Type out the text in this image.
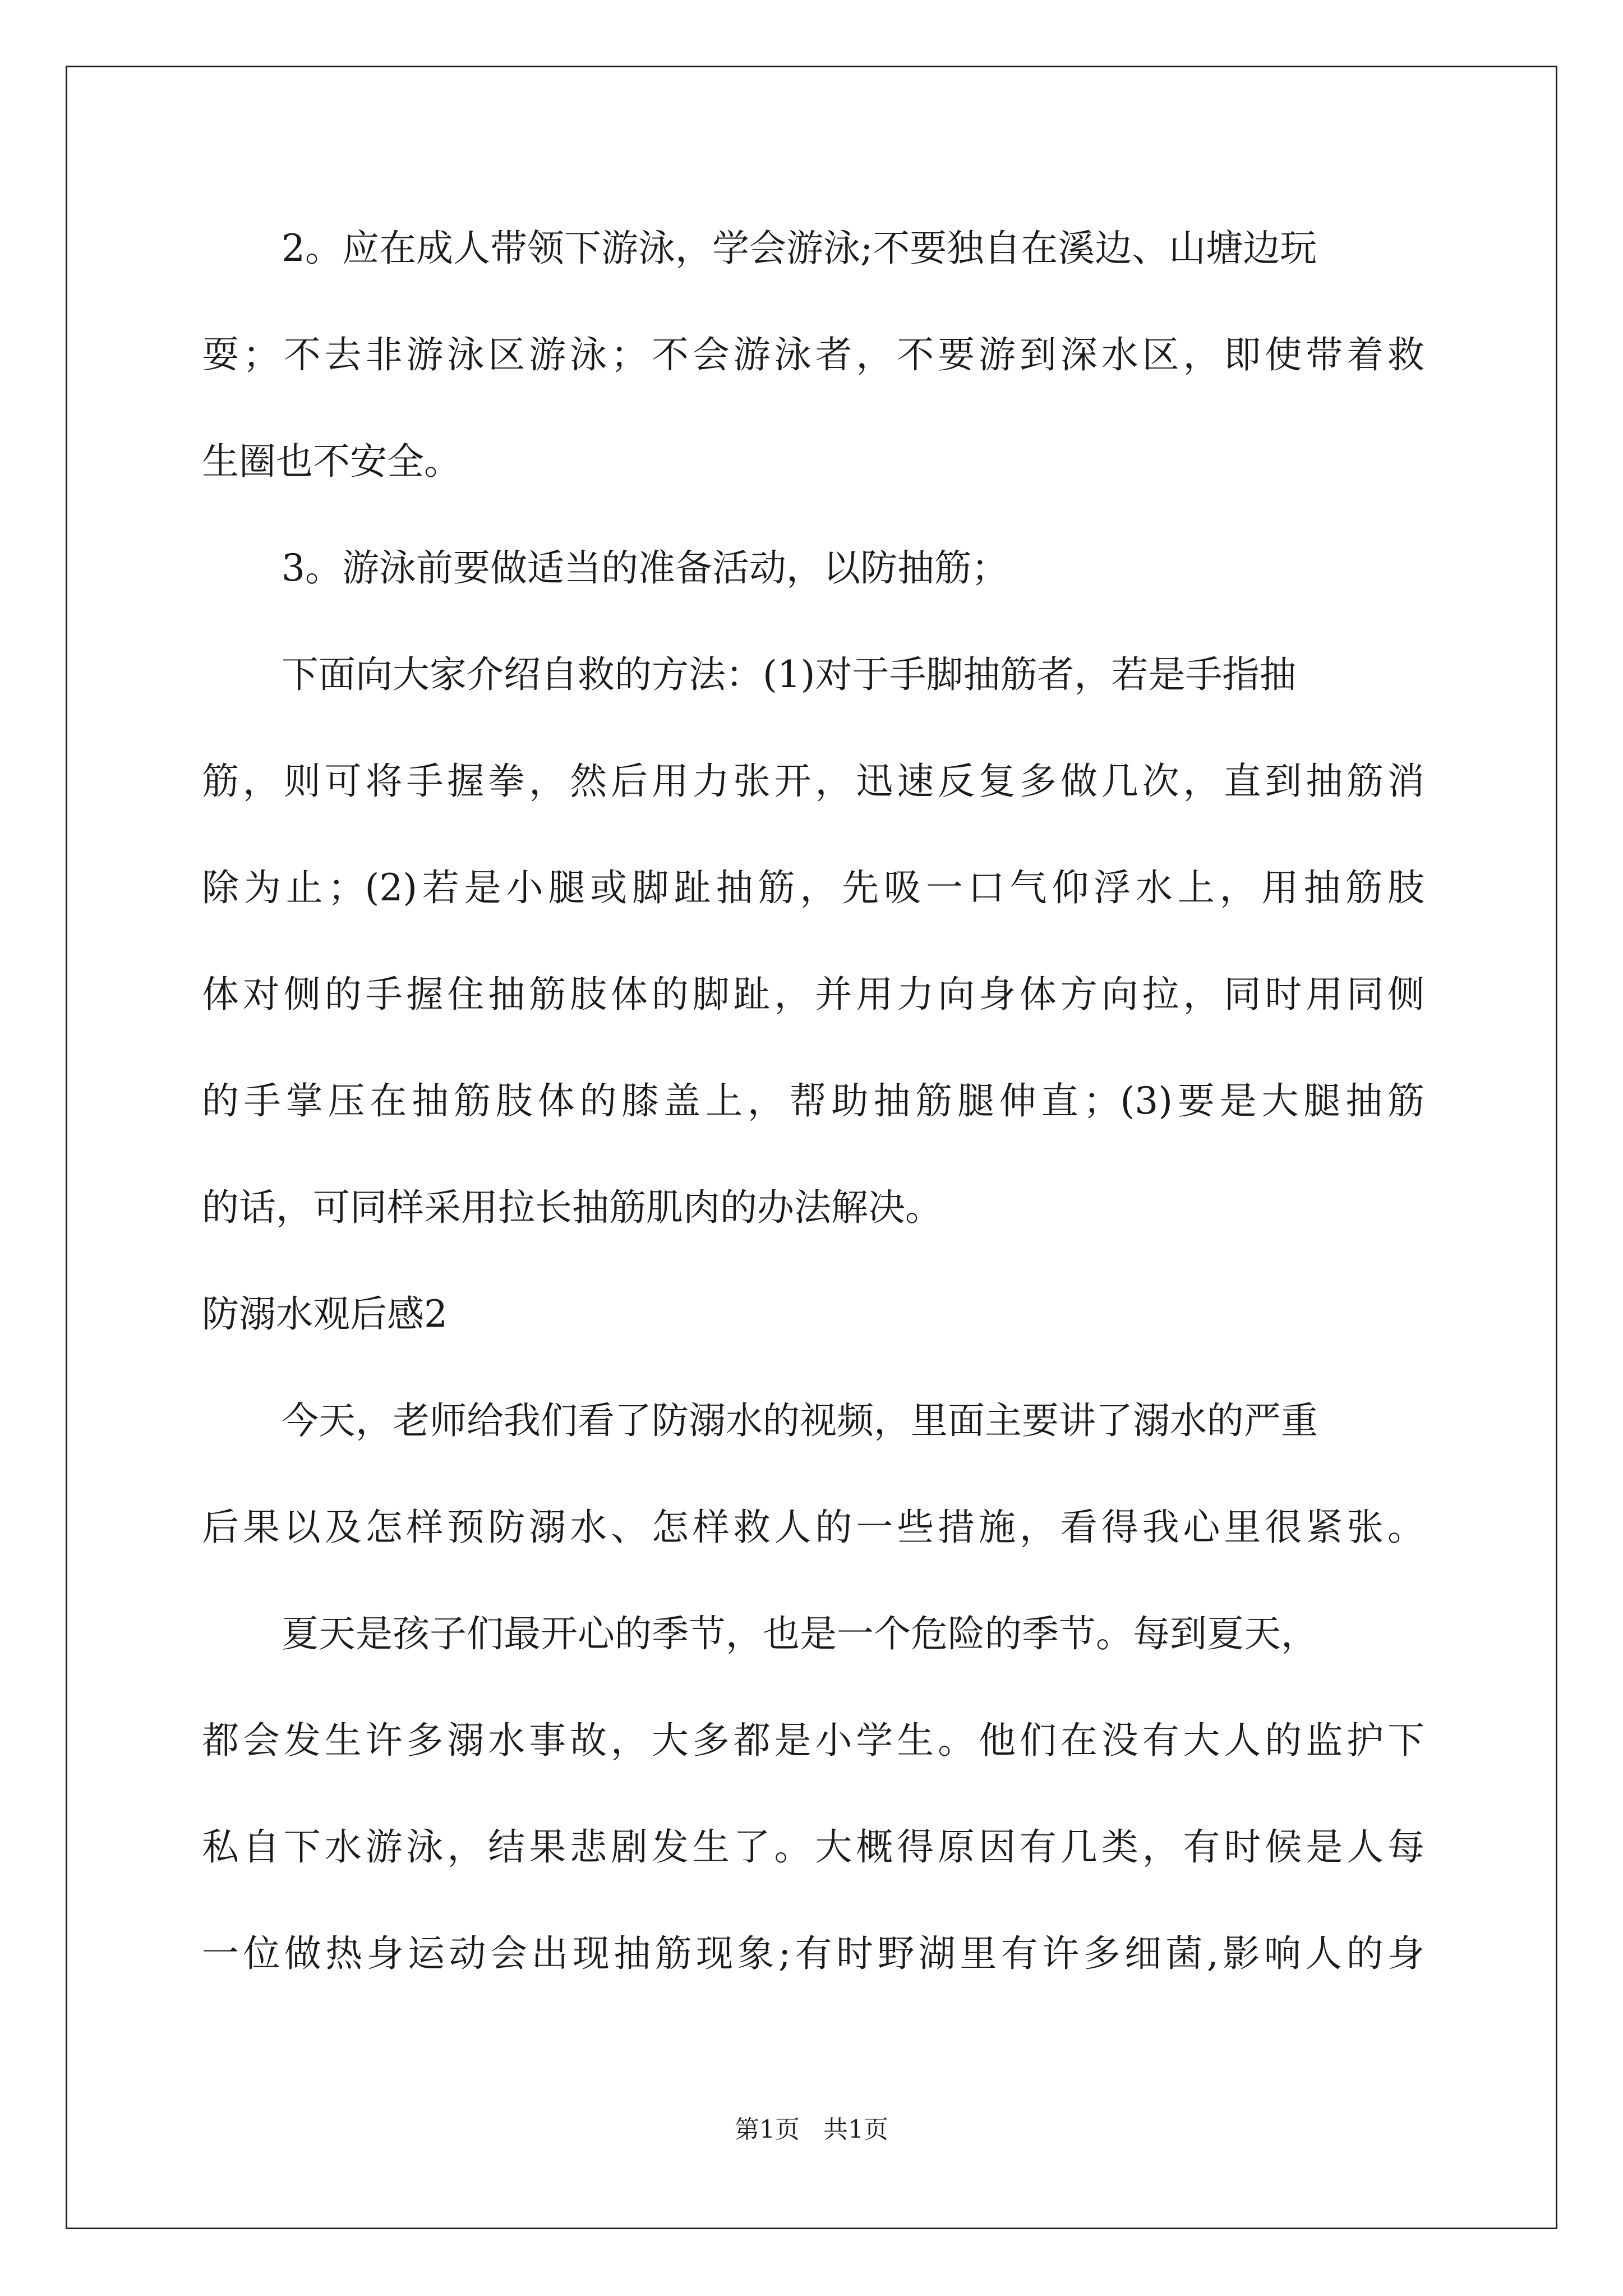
2。应在成人带领下游泳，学会游泳;不要独自在溪边、山塘边玩
耍；不去非游泳区游泳；不会游泳者，不要游到深水区，即使带着救
生圈也不安全。
3。游泳前要做适当的准备活动，以防抽筋；
下面向大家介绍自救的方法：(1)对于手脚抽筋者，若是手指抽
筋，则可将手握拳，然后用力张开，迅速反复多做几次，直到抽筋消
除为止；(2)若是小腿或脚趾抽筋，先吸一口气仰浮水上，用抽筋肢
体对侧的手握住抽筋肢体的脚趾，并用力向身体方向拉，同时用同侧
的手掌压在抽筋肢体的膝盖上，帮助抽筋腿伸直；(3)要是大腿抽筋
的话，可同样采用拉长抽筋肌肉的办法解决。
防溺水观后感2
今天，老师给我们看了防溺水的视频，里面主要讲了溺水的严重
后果以及怎样预防溺水、怎样救人的一些措施，看得我心里很紧张。
夏天是孩子们最开心的季节，也是一个危险的季节。每到夏天，
都会发生许多溺水事故，大多都是小学生。他们在没有大人的监护下
私自下水游泳，结果悲剧发生了。大概得原因有几类，有时候是人每
一位做热身运动会出现抽筋现象;有时野湖里有许多细菌,影响人的身
第1页   共1页
